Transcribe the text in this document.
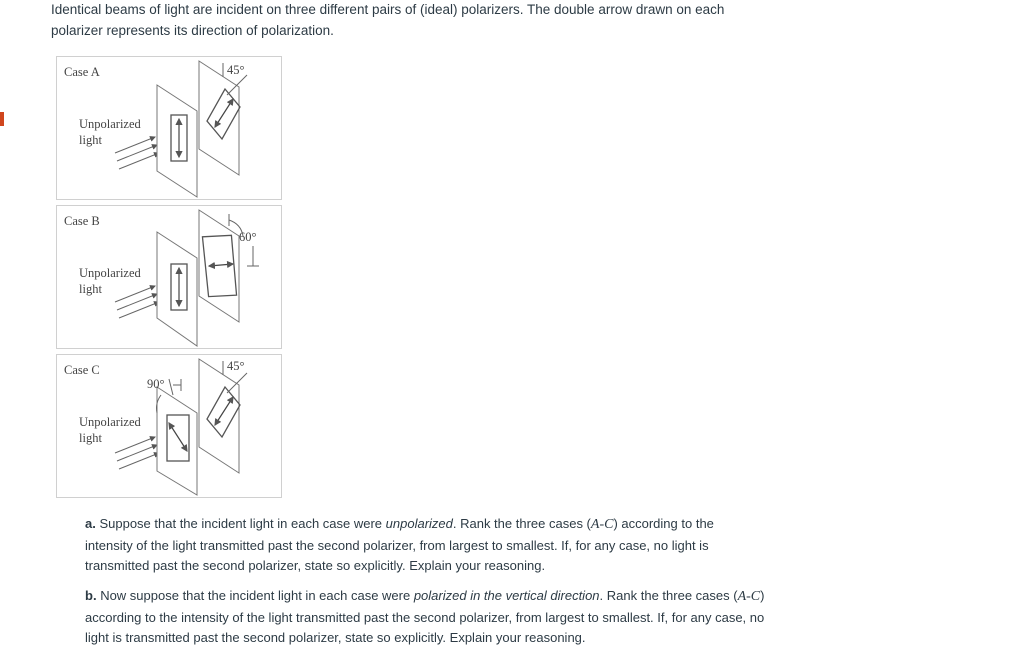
Identical beams of light are incident on three different pairs of (ideal) polarizers. The double arrow drawn on each polarizer represents its direction of polarization.

Case A
Unpolarized
light
45°
Case B
Unpolarized
light
60°
Case C
Unpolarized
light
90°
45°

a. Suppose that the incident light in each case were unpolarized. Rank the three cases (A-C) according to the intensity of the light transmitted past the second polarizer, from largest to smallest. If, for any case, no light is transmitted past the second polarizer, state so explicitly. Explain your reasoning.

b. Now suppose that the incident light in each case were polarized in the vertical direction. Rank the three cases (A-C) according to the intensity of the light transmitted past the second polarizer, from largest to smallest. If, for any case, no light is transmitted past the second polarizer, state so explicitly. Explain your reasoning.
